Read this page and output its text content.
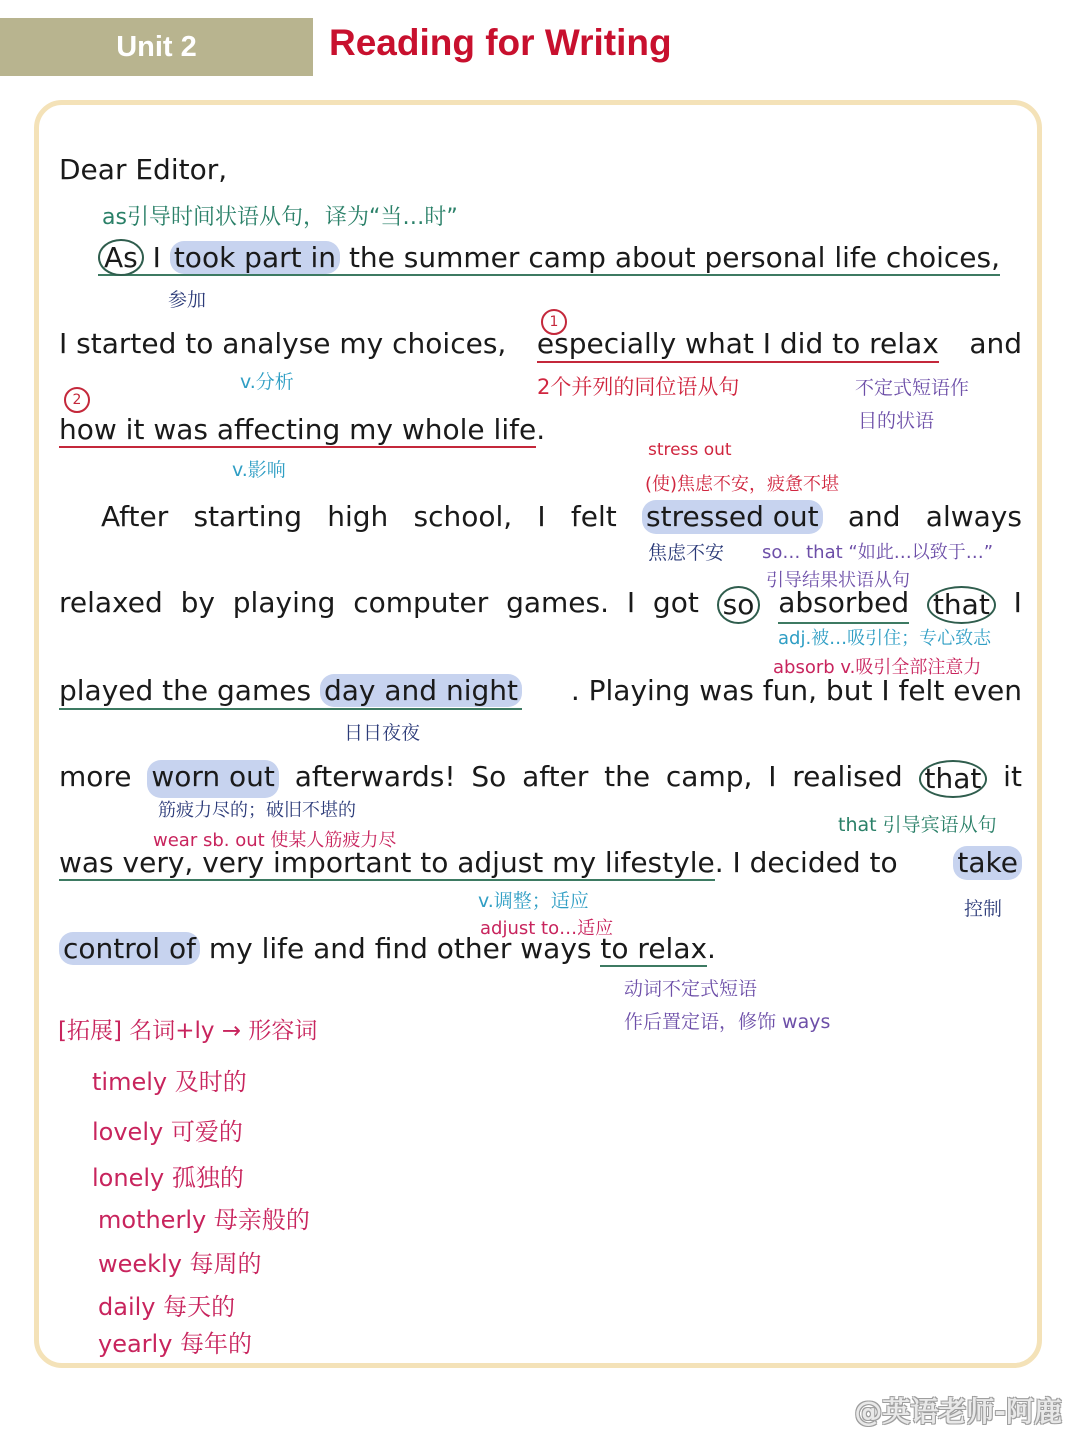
Unit 2	Reading for Writing
Dear Editor,
as引导时间状语从句，译为“当…时”
As I took part in the summer camp about personal life choices,
参加
1
I started to analyse my choices, especially what I did to relax and
v.分析	2个并列的同位语从句	不定式短语作
目的状语
2
how it was affecting my whole life.
v.影响
stress out
(使)焦虑不安，疲惫不堪
After starting high school, I felt stressed out and always
焦虑不安 so… that “如此…以致于…”
引导结果状语从句
relaxed by playing computer games. I got so absorbed that I
adj.被…吸引住；专心致志
absorb v.吸引全部注意力
played the games day and night . Playing was fun, but I felt even
日日夜夜
more worn out afterwards! So after the camp, I realised that it
筋疲力尽的；破旧不堪的
wear sb. out 使某人筋疲力尽
that 引导宾语从句
was very, very important to adjust my lifestyle. I decided to take
v.调整；适应
adjust to…适应
控制
control of my life and find other ways to relax.
动词不定式短语
作后置定语，修饰 ways
[拓展] 名词+ly → 形容词
timely 及时的
lovely 可爱的
lonely 孤独的
motherly 母亲般的
weekly 每周的
daily 每天的
yearly 每年的
@英语老师-阿鹿
